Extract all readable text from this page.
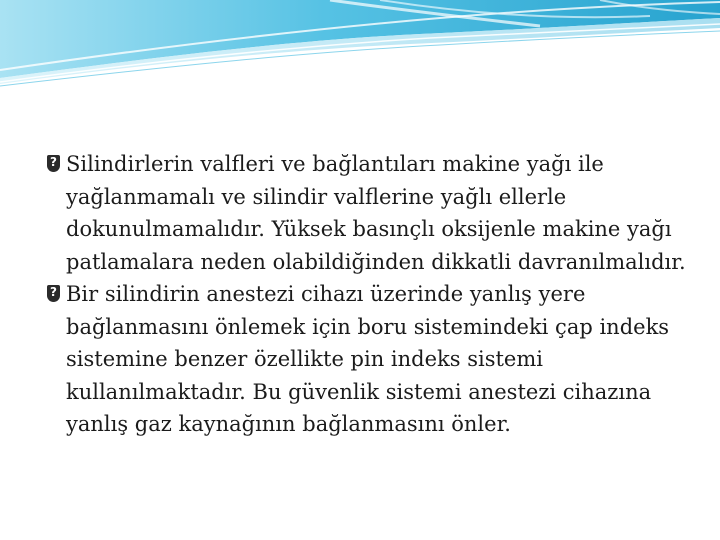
?
Silindirlerin valfleri ve bağlantıları makine yağı ile yağlanmamalı ve silindir valflerine yağlı ellerle dokunulmamalıdır. Yüksek basınçlı oksijenle makine yağı patlamalara neden olabildiğinden dikkatli davranılmalıdır.

?
Bir silindirin anestezi cihazı üzerinde yanlış yere bağlanmasını önlemek için boru sistemindeki çap indeks sistemine benzer özellikte pin indeks sistemi kullanılmaktadır. Bu güvenlik sistemi anestezi cihazına yanlış gaz kaynağının bağlanmasını önler.
